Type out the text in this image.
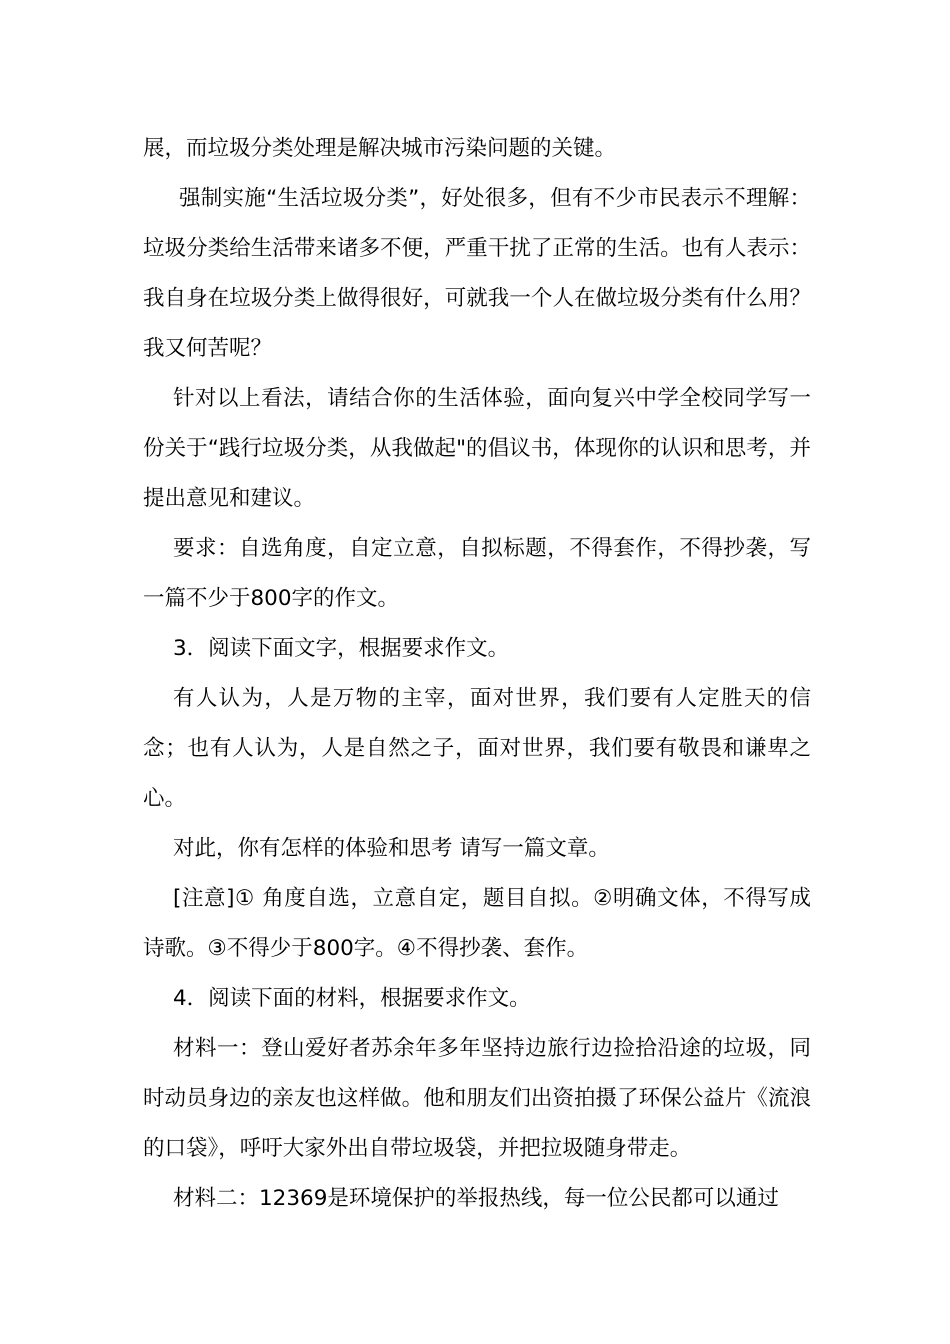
展，而垃圾分类处理是解决城市污染问题的关键。

强制实施“生活垃圾分类”，好处很多，但有不少市民表示不理解：垃圾分类给生活带来诸多不便，严重干扰了正常的生活。也有人表示：我自身在垃圾分类上做得很好，可就我一个人在做垃圾分类有什么用？我又何苦呢？

针对以上看法，请结合你的生活体验，面向复兴中学全校同学写一份关于“践行垃圾分类，从我做起"的倡议书，体现你的认识和思考，并提出意见和建议。

要求：自选角度，自定立意，自拟标题，不得套作，不得抄袭，写一篇不少于800字的作文。

3．阅读下面文字，根据要求作文。

有人认为，人是万物的主宰，面对世界，我们要有人定胜天的信念；也有人认为，人是自然之子，面对世界，我们要有敬畏和谦卑之心。

对此，你有怎样的体验和思考 请写一篇文章。

[注意]① 角度自选，立意自定，题目自拟。②明确文体，不得写成诗歌。③不得少于800字。④不得抄袭、套作。

4．阅读下面的材料，根据要求作文。

材料一：登山爱好者苏余年多年坚持边旅行边捡拾沿途的垃圾，同时动员身边的亲友也这样做。他和朋友们出资拍摄了环保公益片《流浪的口袋》，呼吁大家外出自带垃圾袋，并把拉圾随身带走。

材料二：12369是环境保护的举报热线，每一位公民都可以通过
